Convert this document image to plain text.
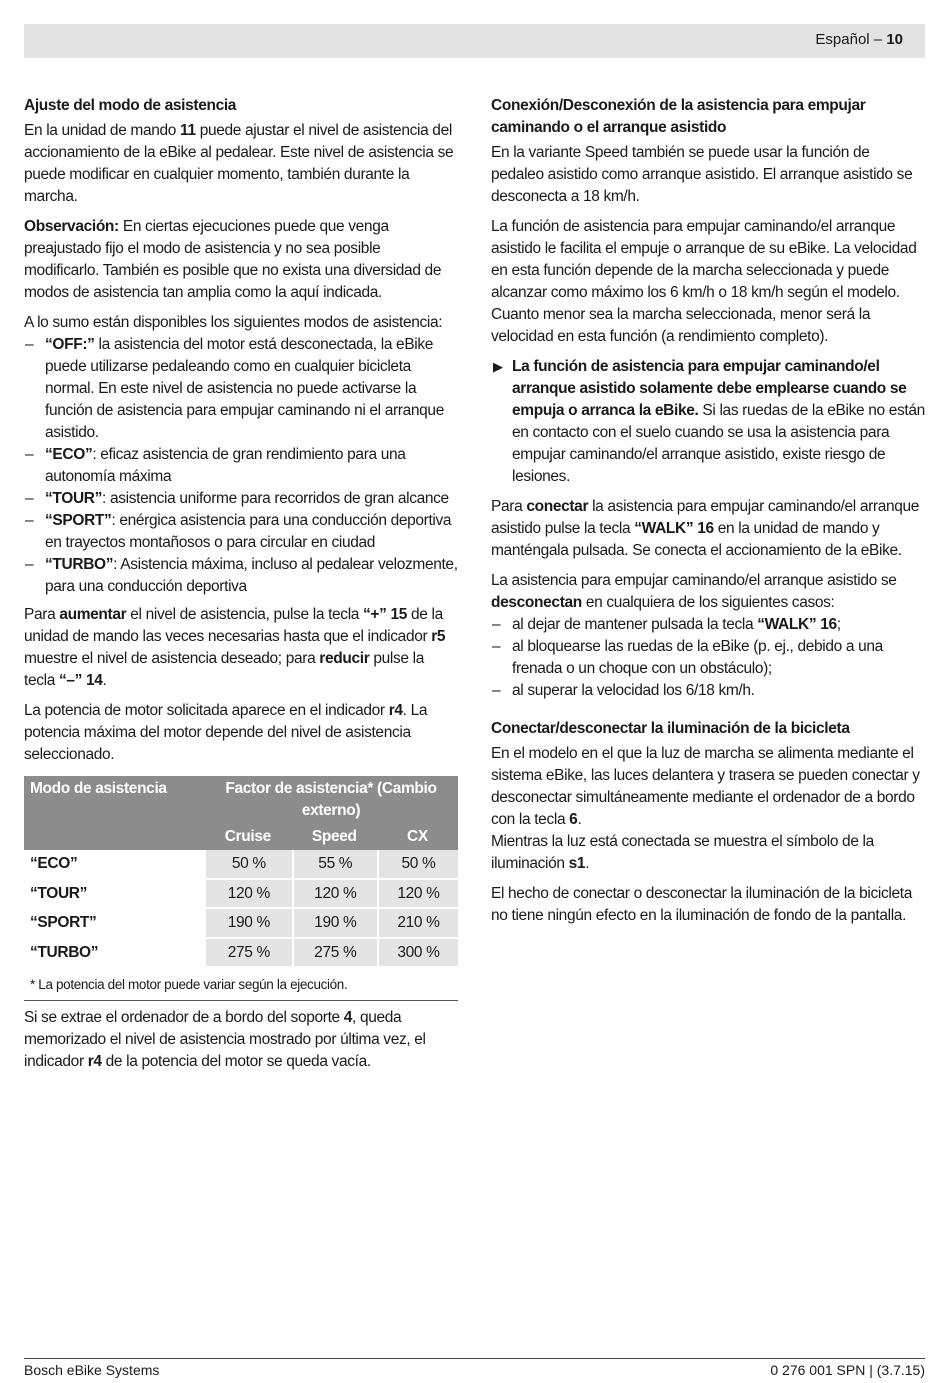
Español – 10
Ajuste del modo de asistencia

En la unidad de mando 11 puede ajustar el nivel de asistencia del accionamiento de la eBike al pedalear. Este nivel de asistencia se puede modificar en cualquier momento, también durante la marcha.

Observación: En ciertas ejecuciones puede que venga preajustado fijo el modo de asistencia y no sea posible modificarlo. También es posible que no exista una diversidad de modos de asistencia tan amplia como la aquí indicada.

A lo sumo están disponibles los siguientes modos de asistencia:

– “OFF:” la asistencia del motor está desconectada, la eBike puede utilizarse pedaleando como en cualquier bicicleta normal. En este nivel de asistencia no puede activarse la función de asistencia para empujar caminando ni el arranque asistido.
– “ECO”: eficaz asistencia de gran rendimiento para una autonomía máxima
– “TOUR”: asistencia uniforme para recorridos de gran alcance
– “SPORT”: enérgica asistencia para una conducción deportiva en trayectos montañosos o para circular en ciudad
– “TURBO”: Asistencia máxima, incluso al pedalear velozmente, para una conducción deportiva

Para aumentar el nivel de asistencia, pulse la tecla “+” 15 de la unidad de mando las veces necesarias hasta que el indicador r5 muestre el nivel de asistencia deseado; para reducir pulse la tecla “–” 14.

La potencia de motor solicitada aparece en el indicador r4. La potencia máxima del motor depende del nivel de asistencia seleccionado.

Modo de asistencia	Factor de asistencia* (Cambio externo)		
	Cruise	Speed	CX
“ECO”	50 %	55 %	50 %
“TOUR”	120 %	120 %	120 %
“SPORT”	190 %	190 %	210 %
“TURBO”	275 %	275 %	300 %
* La potencia del motor puede variar según la ejecución.

Si se extrae el ordenador de a bordo del soporte 4, queda memorizado el nivel de asistencia mostrado por última vez, el indicador r4 de la potencia del motor se queda vacía.

Conexión/Desconexión de la asistencia para empujar caminando o el arranque asistido

En la variante Speed también se puede usar la función de pedaleo asistido como arranque asistido. El arranque asistido se desconecta a 18 km/h.

La función de asistencia para empujar caminando/el arranque asistido le facilita el empuje o arranque de su eBike. La velocidad en esta función depende de la marcha seleccionada y puede alcanzar como máximo los 6 km/h o 18 km/h según el modelo. Cuanto menor sea la marcha seleccionada, menor será la velocidad en esta función (a rendimiento completo).

▶ La función de asistencia para empujar caminando/el arranque asistido solamente debe emplearse cuando se empuja o arranca la eBike. Si las ruedas de la eBike no están en contacto con el suelo cuando se usa la asistencia para empujar caminando/el arranque asistido, existe riesgo de lesiones.

Para conectar la asistencia para empujar caminando/el arranque asistido pulse la tecla “WALK” 16 en la unidad de mando y manténgala pulsada. Se conecta el accionamiento de la eBike.

La asistencia para empujar caminando/el arranque asistido se desconectan en cualquiera de los siguientes casos:

– al dejar de mantener pulsada la tecla “WALK” 16;
– al bloquearse las ruedas de la eBike (p. ej., debido a una frenada o un choque con un obstáculo);
– al superar la velocidad los 6/18 km/h.
Conectar/desconectar la iluminación de la bicicleta

En el modelo en el que la luz de marcha se alimenta mediante el sistema eBike, las luces delantera y trasera se pueden conectar y desconectar simultáneamente mediante el ordenador de a bordo con la tecla 6.

Mientras la luz está conectada se muestra el símbolo de la iluminación s1.

El hecho de conectar o desconectar la iluminación de la bicicleta no tiene ningún efecto en la iluminación de fondo de la pantalla.

Bosch eBike Systems	0 276 001 SPN | (3.7.15)
